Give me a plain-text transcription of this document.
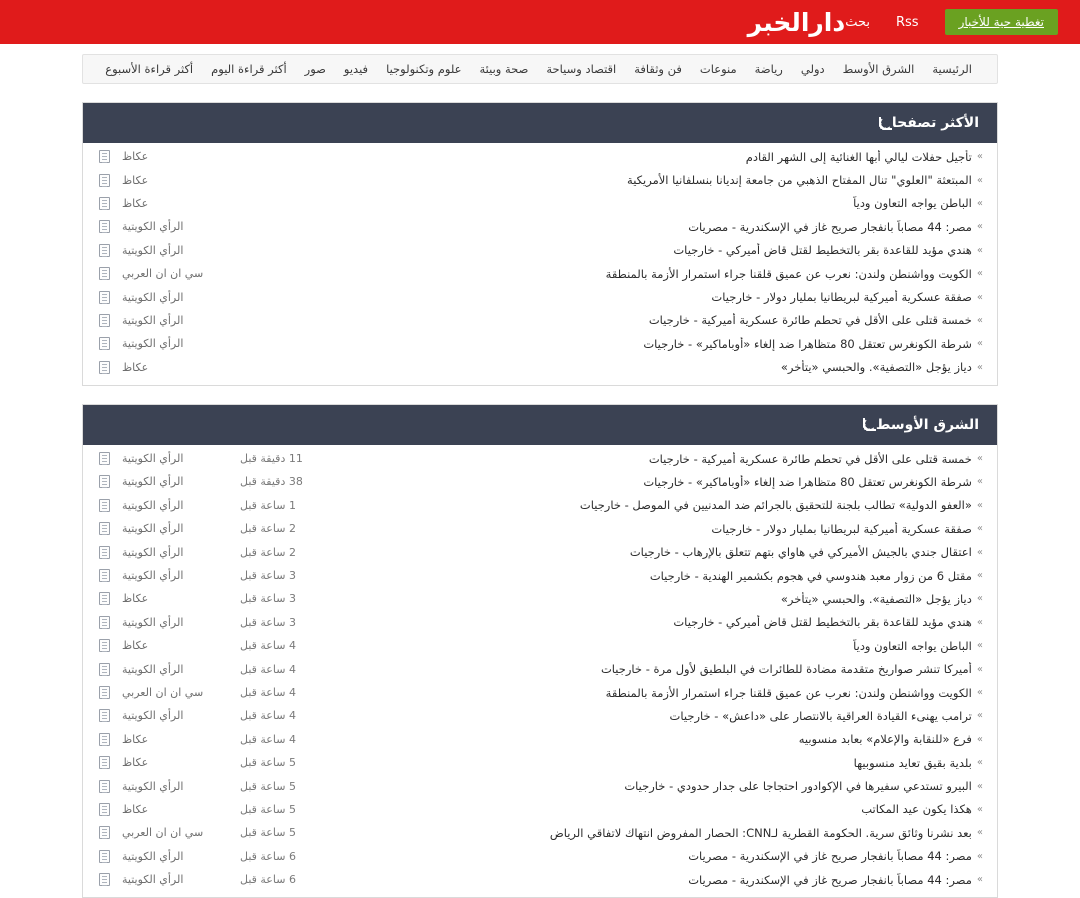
تغطية حية للأخبار
Rss
بحث
دارالخبر
الرئيسية
الشرق الأوسط
دولي
رياضة
منوعات
فن وثقافة
اقتصاد وسياحة
صحة وبيئة
علوم وتكنولوجيا
فيديو
صور
أكثر قراءة اليوم
أكثر قراءة الأسبوع
الأكثر تصفحا
»
تأجيل حفلات ليالي أبها الغنائية إلى الشهر القادم
عكاظ
»
المبتعثة "العلوي" تنال المفتاح الذهبي من جامعة إنديانا بنسلفانيا الأمريكية
عكاظ
»
الباطن يواجه التعاون ودياً
عكاظ
»
مصر: 44 مصاباً بانفجار صريح غاز في الإسكندرية - مصريات
الرأي الكويتية
»
هندي مؤيد للقاعدة بقر بالتخطيط لقتل قاض أميركي - خارجيات
الرأي الكويتية
»
الكويت وواشنطن ولندن: نعرب عن عميق قلقنا جراء استمرار الأزمة بالمنطقة
سي ان ان العربي
»
صفقة عسكرية أميركية لبريطانيا بمليار دولار - خارجيات
الرأي الكويتية
»
خمسة قتلى على الأقل في تحطم طائرة عسكرية أميركية - خارجيات
الرأي الكويتية
»
شرطة الكونغرس تعتقل 80 متظاهرا ضد إلغاء «أوباماكير» - خارجيات
الرأي الكويتية
»
دياز يؤجل «التصفية». والحبسي «يتأخر»
عكاظ
الشرق الأوسط
»
خمسة قتلى على الأقل في تحطم طائرة عسكرية أميركية - خارجيات
11 دقيقة قبل
الرأي الكويتية
»
شرطة الكونغرس تعتقل 80 متظاهرا ضد إلغاء «أوباماكير» - خارجيات
38 دقيقة قبل
الرأي الكويتية
»
«العفو الدولية» تطالب بلجنة للتحقيق بالجرائم ضد المدنيين في الموصل - خارجيات
1 ساعة قبل
الرأي الكويتية
»
صفقة عسكرية أميركية لبريطانيا بمليار دولار - خارجيات
2 ساعة قبل
الرأي الكويتية
»
اعتقال جندي بالجيش الأميركي في هاواي بتهم تتعلق بالإرهاب - خارجيات
2 ساعة قبل
الرأي الكويتية
»
مقتل 6 من زوار معبد هندوسي في هجوم بكشمير الهندية - خارجيات
3 ساعة قبل
الرأي الكويتية
»
دياز يؤجل «التصفية». والحبسي «يتأخر»
3 ساعة قبل
عكاظ
»
هندي مؤيد للقاعدة بقر بالتخطيط لقتل قاض أميركي - خارجيات
3 ساعة قبل
الرأي الكويتية
»
الباطن يواجه التعاون ودياً
4 ساعة قبل
عكاظ
»
أميركا تنشر صواريخ متقدمة مضادة للطائرات في البلطيق لأول مرة - خارجيات
4 ساعة قبل
الرأي الكويتية
»
الكويت وواشنطن ولندن: نعرب عن عميق قلقنا جراء استمرار الأزمة بالمنطقة
4 ساعة قبل
سي ان ان العربي
»
ترامب يهنىء القيادة العراقية بالانتصار على «داعش» - خارجيات
4 ساعة قبل
الرأي الكويتية
»
فرع «للنقابة والإعلام» بعابد منسوبيه
4 ساعة قبل
عكاظ
»
بلدية بقيق تعايد منسوبيها
5 ساعة قبل
عكاظ
»
البيرو تستدعي سفيرها في الإكوادور احتجاجا على جدار حدودي - خارجيات
5 ساعة قبل
الرأي الكويتية
»
هكذا يكون عيد المكاتب
5 ساعة قبل
عكاظ
»
بعد نشرنا وثائق سرية. الحكومة القطرية لـCNN: الحصار المفروض انتهاك لاتفاقي الرياض
5 ساعة قبل
سي ان ان العربي
»
مصر: 44 مصاباً بانفجار صريح غاز في الإسكندرية - مصريات
6 ساعة قبل
الرأي الكويتية
»
مصر: 44 مصاباً بانفجار صريح غاز في الإسكندرية - مصريات
6 ساعة قبل
الرأي الكويتية
